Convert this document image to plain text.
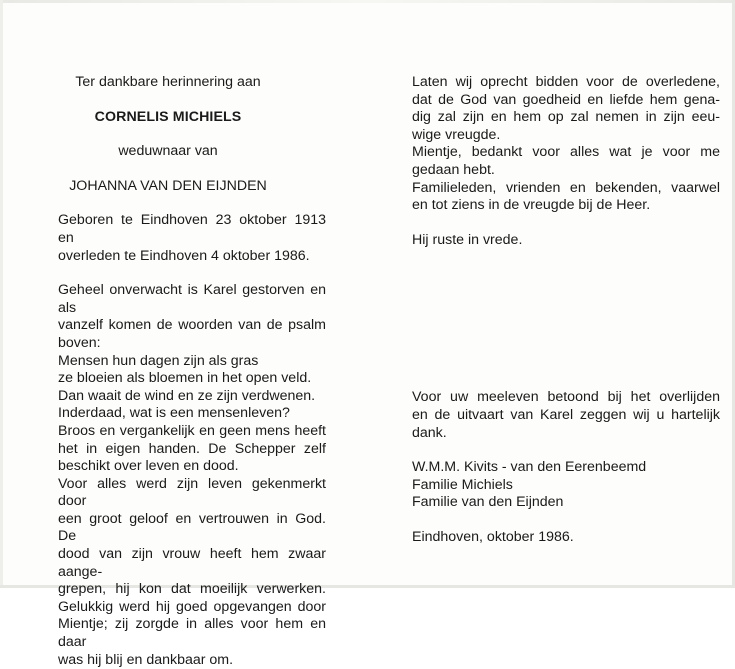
Ter dankbare herinnering aan
CORNELIS MICHIELS
weduwnaar van
JOHANNA VAN DEN EIJNDEN
Geboren te Eindhoven 23 oktober 1913 en
overleden te Eindhoven 4 oktober 1986.
Geheel onverwacht is Karel gestorven en als
vanzelf komen de woorden van de psalm
boven:
Mensen hun dagen zijn als gras
ze bloeien als bloemen in het open veld.
Dan waait de wind en ze zijn verdwenen.
Inderdaad, wat is een mensenleven?
Broos en vergankelijk en geen mens heeft
het in eigen handen. De Schepper zelf
beschikt over leven en dood.
Voor alles werd zijn leven gekenmerkt door
een groot geloof en vertrouwen in God. De
dood van zijn vrouw heeft hem zwaar aange-
grepen, hij kon dat moeilijk verwerken.
Gelukkig werd hij goed opgevangen door
Mientje; zij zorgde in alles voor hem en daar
was hij blij en dankbaar om.
Laten wij oprecht bidden voor de overledene,
dat de God van goedheid en liefde hem gena-
dig zal zijn en hem op zal nemen in zijn eeu-
wige vreugde.
Mientje, bedankt voor alles wat je voor me
gedaan hebt.
Familieleden, vrienden en bekenden, vaarwel
en tot ziens in de vreugde bij de Heer.
Hij ruste in vrede.
Voor uw meeleven betoond bij het overlijden
en de uitvaart van Karel zeggen wij u hartelijk
dank.
W.M.M. Kivits - van den Eerenbeemd
Familie Michiels
Familie van den Eijnden
Eindhoven, oktober 1986.
